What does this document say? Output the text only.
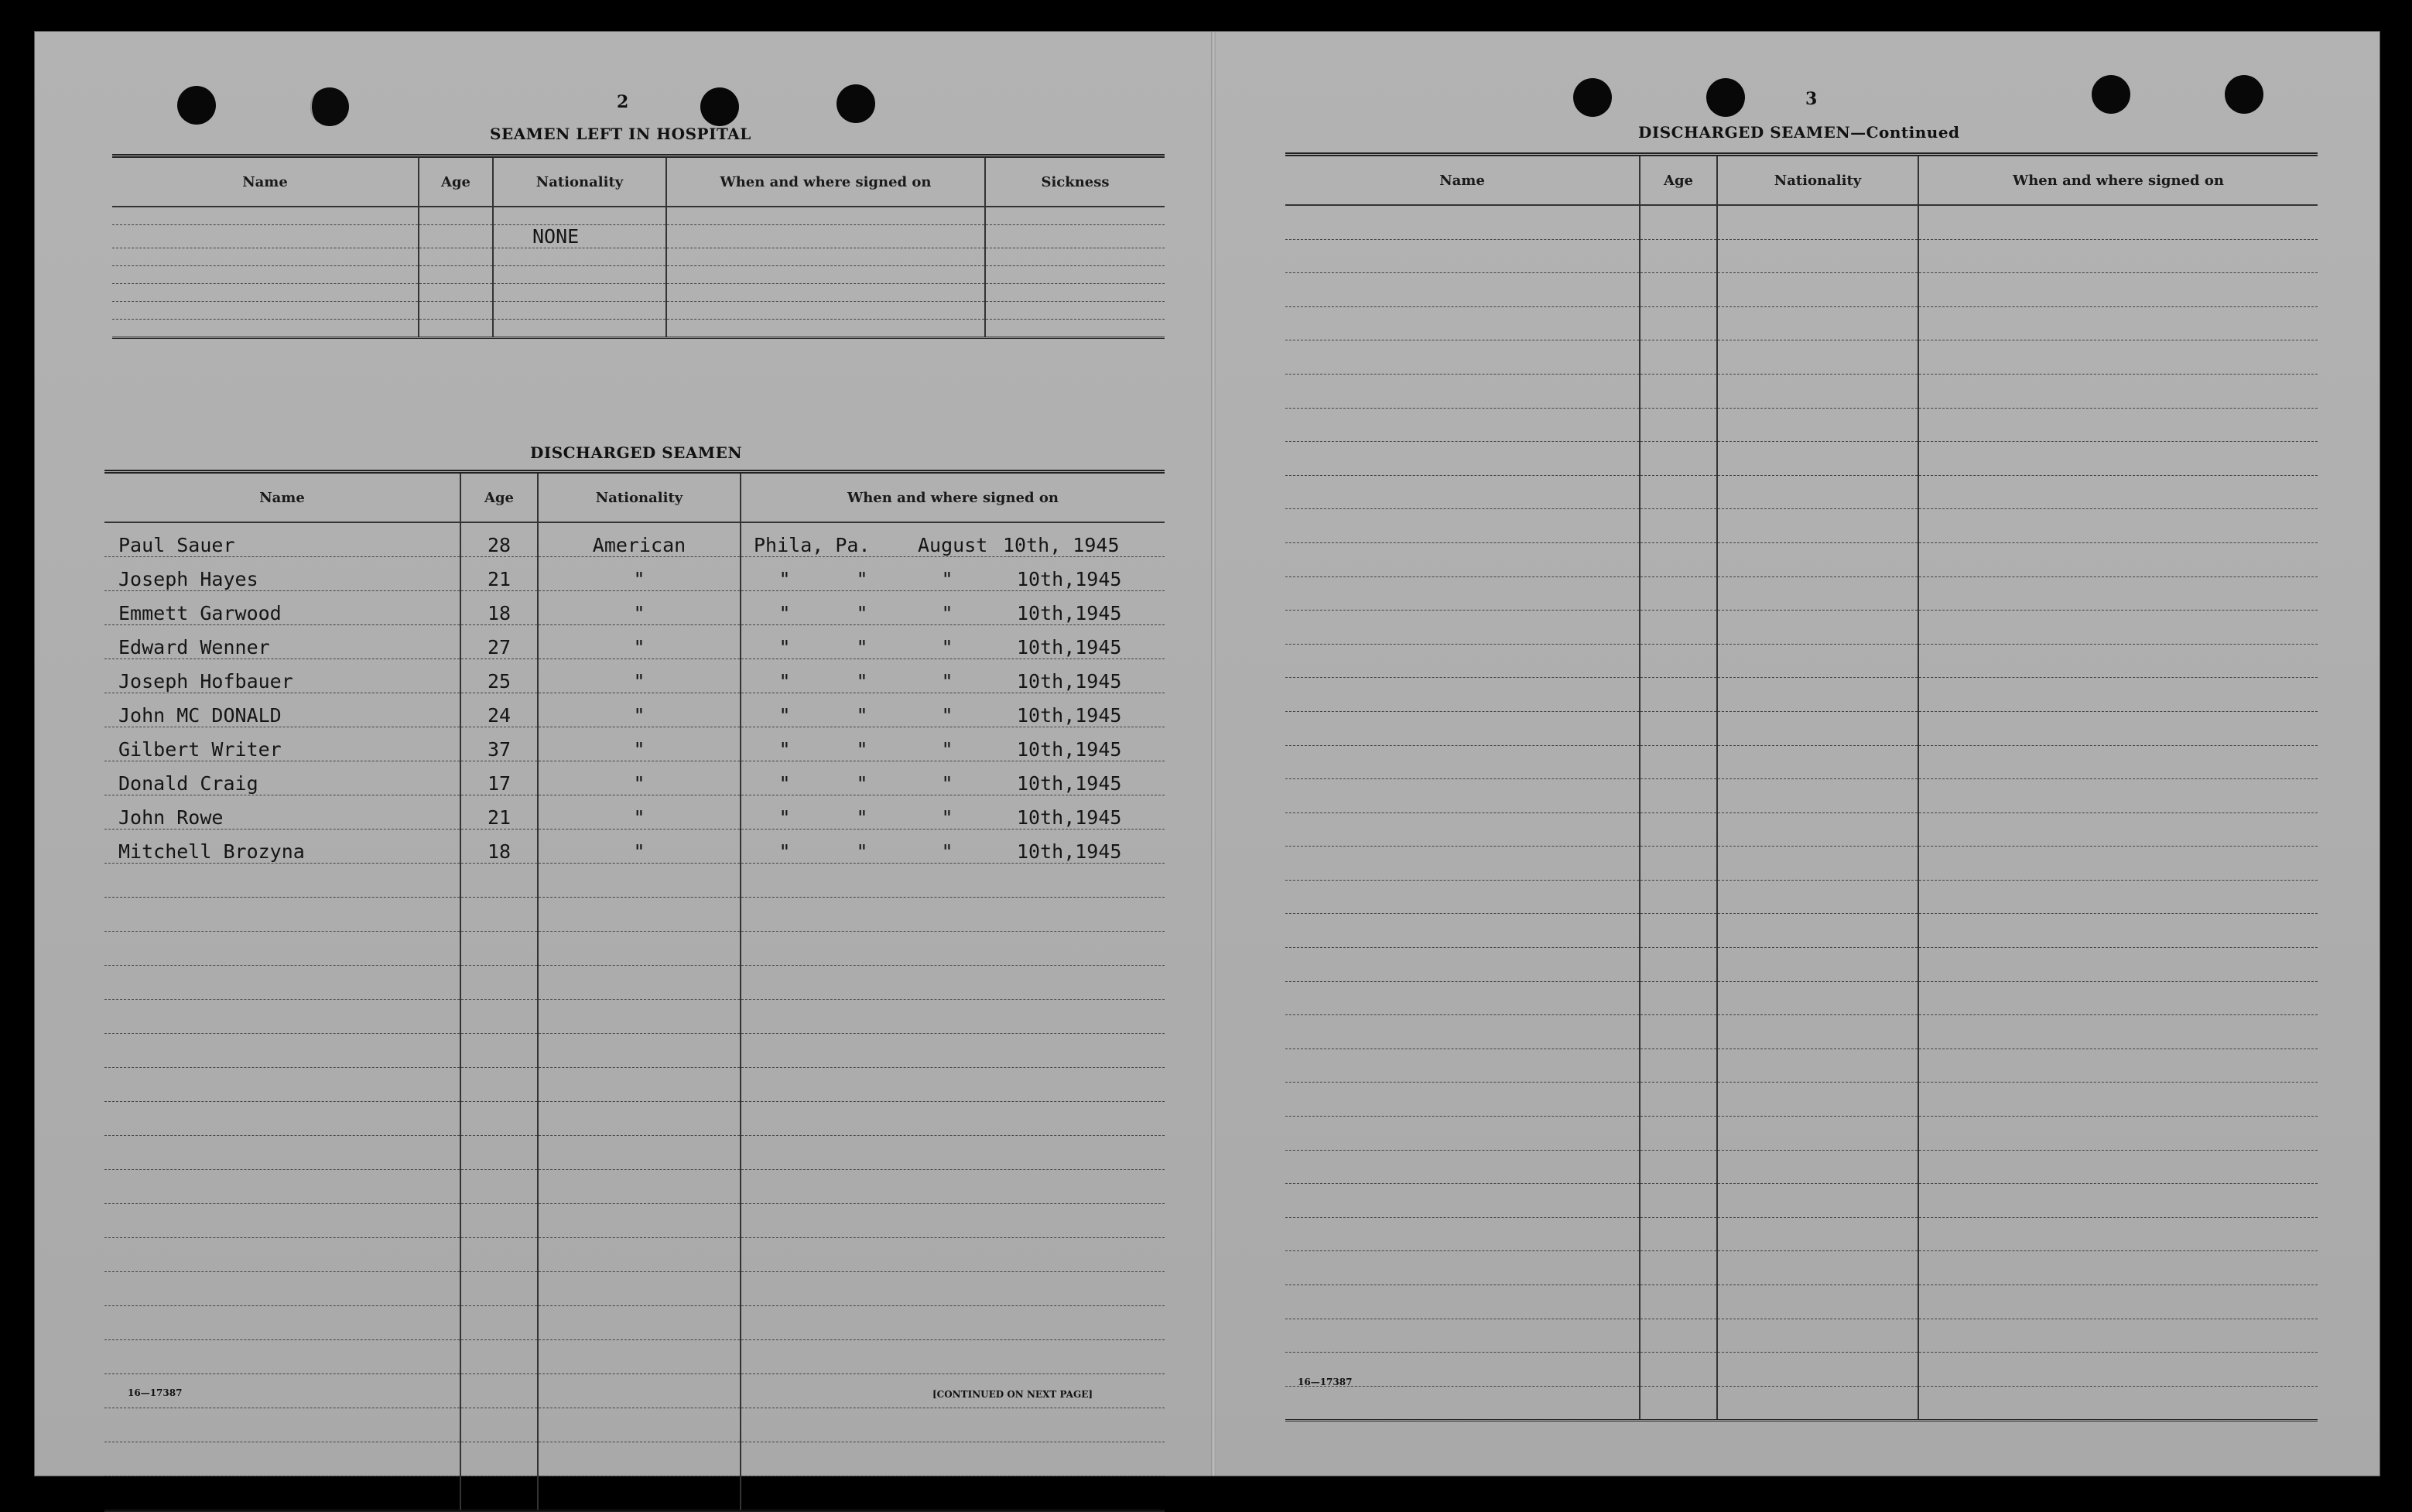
2

SEAMEN LEFT IN HOSPITAL

Name	Age	Nationality	When and where signed on	Sickness

		NONE		

DISCHARGED SEAMEN

Name	Age	Nationality	When and where signed on
Paul Sauer	28	American	Phila, Pa. August 10th, 1945
Joseph Hayes	21	"	" " " 10th,1945
Emmett Garwood	18	"	" " " 10th,1945
Edward Wenner	27	"	" " " 10th,1945
Joseph Hofbauer	25	"	" " " 10th,1945
John MC DONALD	24	"	" " " 10th,1945
Gilbert Writer	37	"	" " " 10th,1945
Donald Craig	17	"	" " " 10th,1945
John Rowe	21	"	" " " 10th,1945
Mitchell Brozyna	18	"	" " " 10th,1945

16—17387	[CONTINUED ON NEXT PAGE]

3

DISCHARGED SEAMEN—Continued

Name	Age	Nationality	When and where signed on

16—17387
